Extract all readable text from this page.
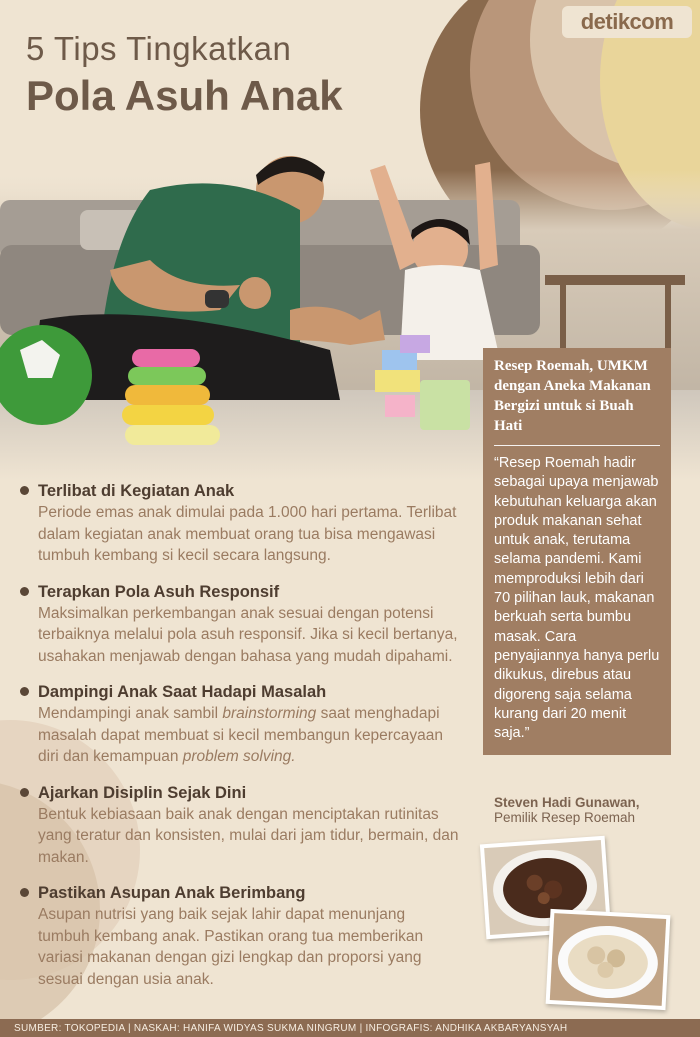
detikcom
5 Tips Tingkatkan
Pola Asuh Anak
Terlibat di Kegiatan Anak
Periode emas anak dimulai pada 1.000 hari pertama. Terlibat dalam kegiatan anak membuat orang tua bisa mengawasi tumbuh kembang si kecil secara langsung.
Terapkan Pola Asuh Responsif
Maksimalkan perkembangan anak sesuai dengan potensi terbaiknya melalui pola asuh responsif. Jika si kecil bertanya, usahakan menjawab dengan bahasa yang mudah dipahami.
Dampingi Anak Saat Hadapi Masalah
Mendampingi anak sambil brainstorming saat menghadapi masalah dapat membuat si kecil membangun kepercayaan diri dan kemampuan problem solving.
Ajarkan Disiplin Sejak Dini
Bentuk kebiasaan baik anak dengan menciptakan rutinitas yang teratur dan konsisten, mulai dari jam tidur, bermain, dan makan.
Pastikan Asupan Anak Berimbang
Asupan nutrisi yang baik sejak lahir dapat menunjang tumbuh kembang anak. Pastikan orang tua memberikan variasi makanan dengan gizi lengkap dan proporsi yang sesuai dengan usia anak.
Resep Roemah, UMKM dengan Aneka Makanan Bergizi untuk si Buah Hati
“Resep Roemah hadir sebagai upaya menjawab kebutuhan keluarga akan produk makanan sehat untuk anak, terutama selama pandemi. Kami memproduksi lebih dari 70 pilihan lauk, makanan berkuah serta bumbu masak. Cara penyajiannya hanya perlu dikukus, direbus atau digoreng saja selama kurang dari 20 menit saja.”
Steven Hadi Gunawan,
Pemilik Resep Roemah
SUMBER: TOKOPEDIA | NASKAH: HANIFA WIDYAS SUKMA NINGRUM | INFOGRAFIS: ANDHIKA AKBARYANSYAH
